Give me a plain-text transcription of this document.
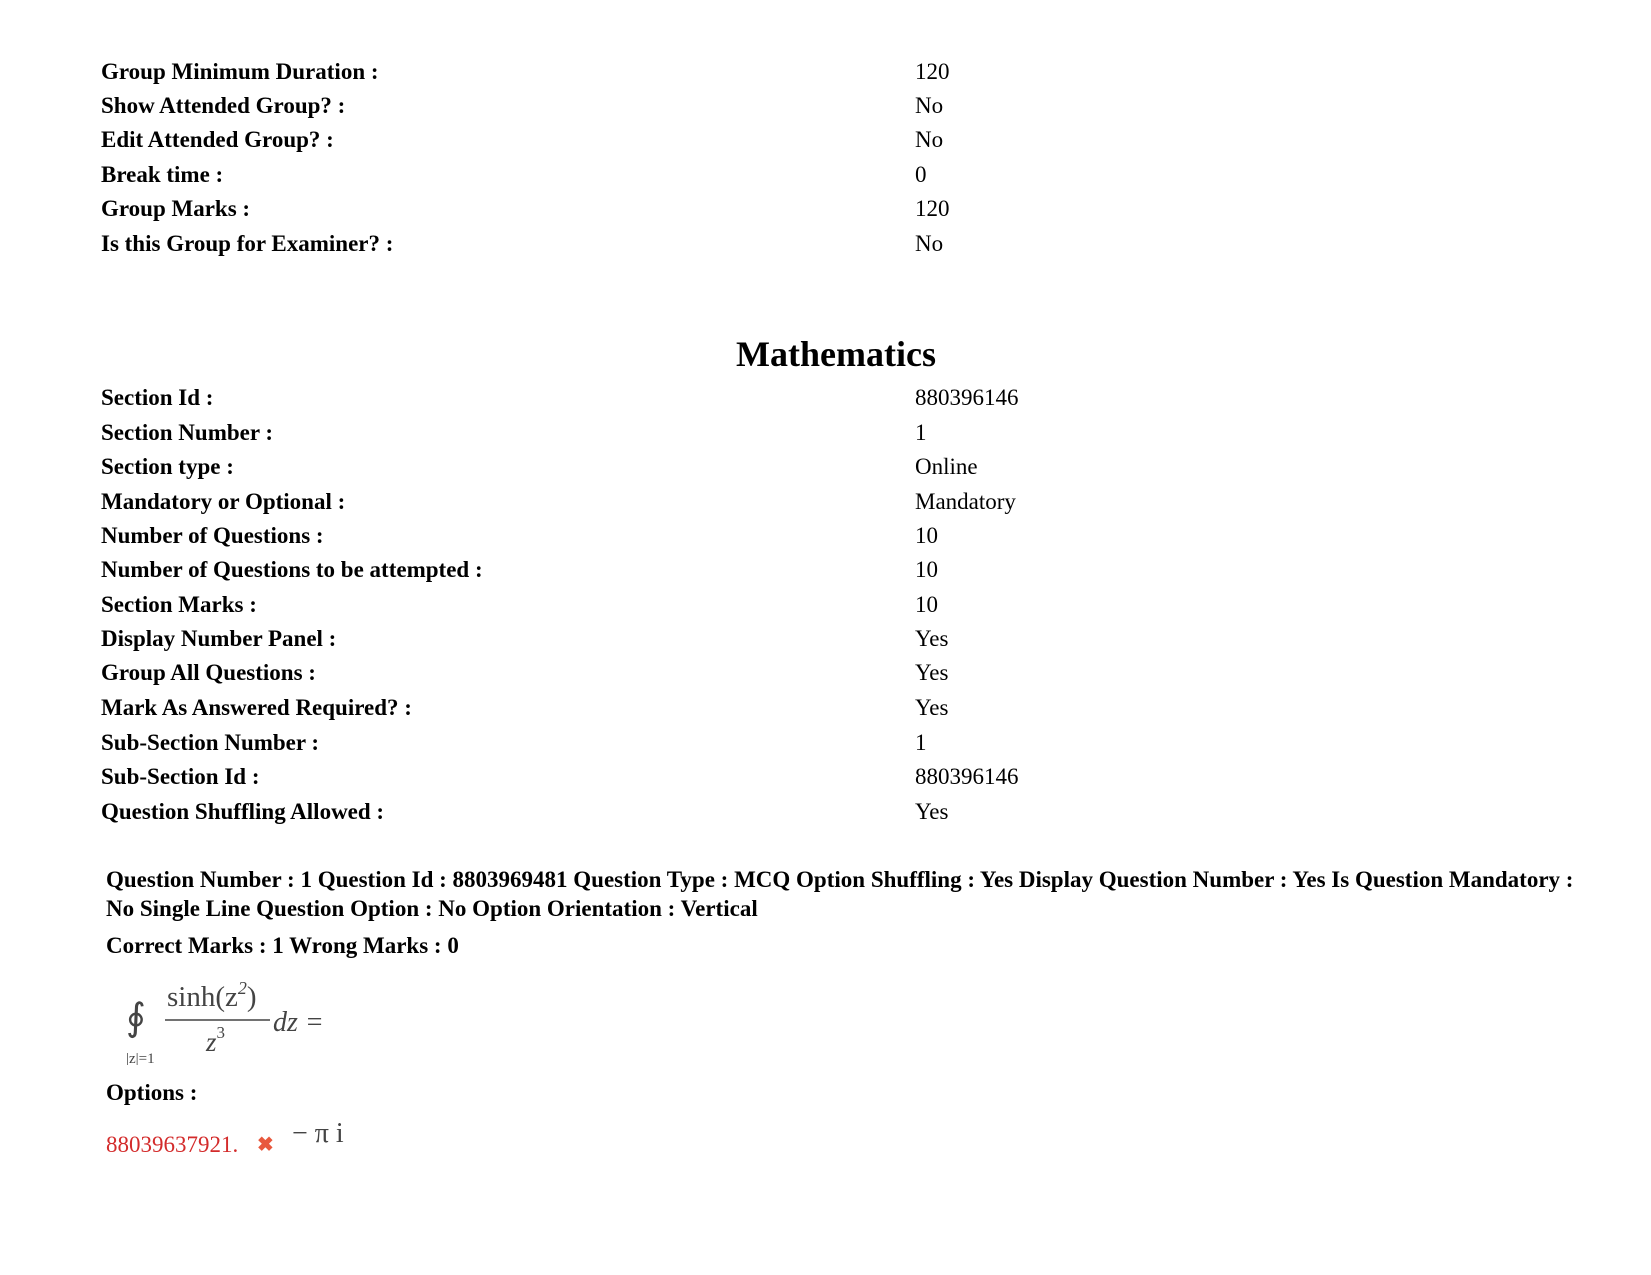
Group Minimum Duration :	120
Show Attended Group? :	No
Edit Attended Group? :	No
Break time :	0
Group Marks :	120
Is this Group for Examiner? :	No
Mathematics
Section Id :	880396146
Section Number :	1
Section type :	Online
Mandatory or Optional :	Mandatory
Number of Questions :	10
Number of Questions to be attempted :	10
Section Marks :	10
Display Number Panel :	Yes
Group All Questions :	Yes
Mark As Answered Required? :	Yes
Sub-Section Number :	1
Sub-Section Id :	880396146
Question Shuffling Allowed :	Yes
Question Number : 1 Question Id : 8803969481 Question Type : MCQ Option Shuffling : Yes Display Question Number : Yes Is Question Mandatory : No Single Line Question Option : No Option Orientation : Vertical
Correct Marks : 1 Wrong Marks : 0
∮ $\sinh(z^2)$
$z^3$ dz =
|z|=1
Options :
88039637921. ✖ − π i
